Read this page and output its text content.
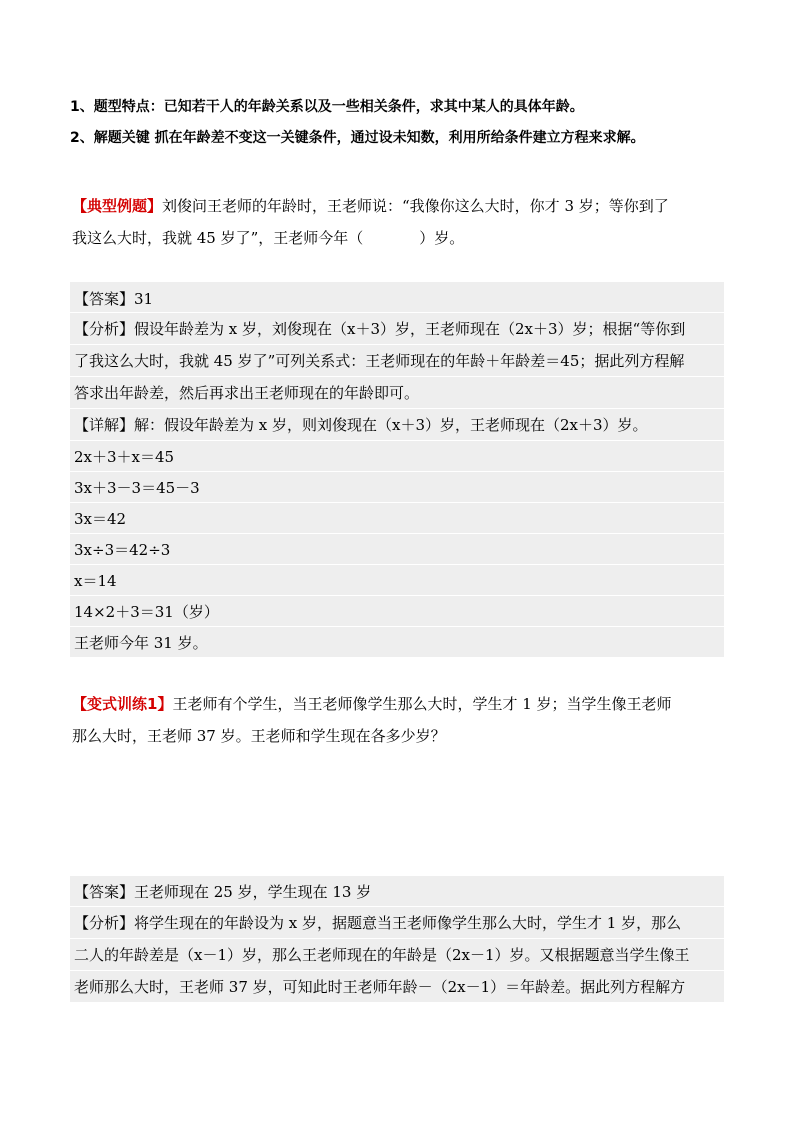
1、题型特点：已知若干人的年龄关系以及一些相关条件，求其中某人的具体年龄。
2、解题关键 抓在年龄差不变这一关键条件，通过设未知数，利用所给条件建立方程来求解。
【典型例题】刘俊问王老师的年龄时，王老师说：“我像你这么大时，你才 3 岁；等你到了
我这么大时，我就 45 岁了”，王老师今年（	）岁。
【答案】31
【分析】假设年龄差为 x 岁，刘俊现在（x＋3）岁，王老师现在（2x＋3）岁；根据“等你到
了我这么大时，我就 45 岁了”可列关系式：王老师现在的年龄＋年龄差＝45；据此列方程解
答求出年龄差，然后再求出王老师现在的年龄即可。
【详解】解：假设年龄差为 x 岁，则刘俊现在（x＋3）岁，王老师现在（2x＋3）岁。
2x＋3＋x＝45
3x＋3－3＝45－3
3x＝42
3x÷3＝42÷3
x＝14
14×2＋3＝31（岁）
王老师今年 31 岁。
【变式训练1】王老师有个学生，当王老师像学生那么大时，学生才 1 岁；当学生像王老师
那么大时，王老师 37 岁。王老师和学生现在各多少岁？
【答案】王老师现在 25 岁，学生现在 13 岁
【分析】将学生现在的年龄设为 x 岁，据题意当王老师像学生那么大时，学生才 1 岁，那么
二人的年龄差是（x－1）岁，那么王老师现在的年龄是（2x－1）岁。又根据题意当学生像王
老师那么大时，王老师 37 岁，可知此时王老师年龄－（2x－1）＝年龄差。据此列方程解方
